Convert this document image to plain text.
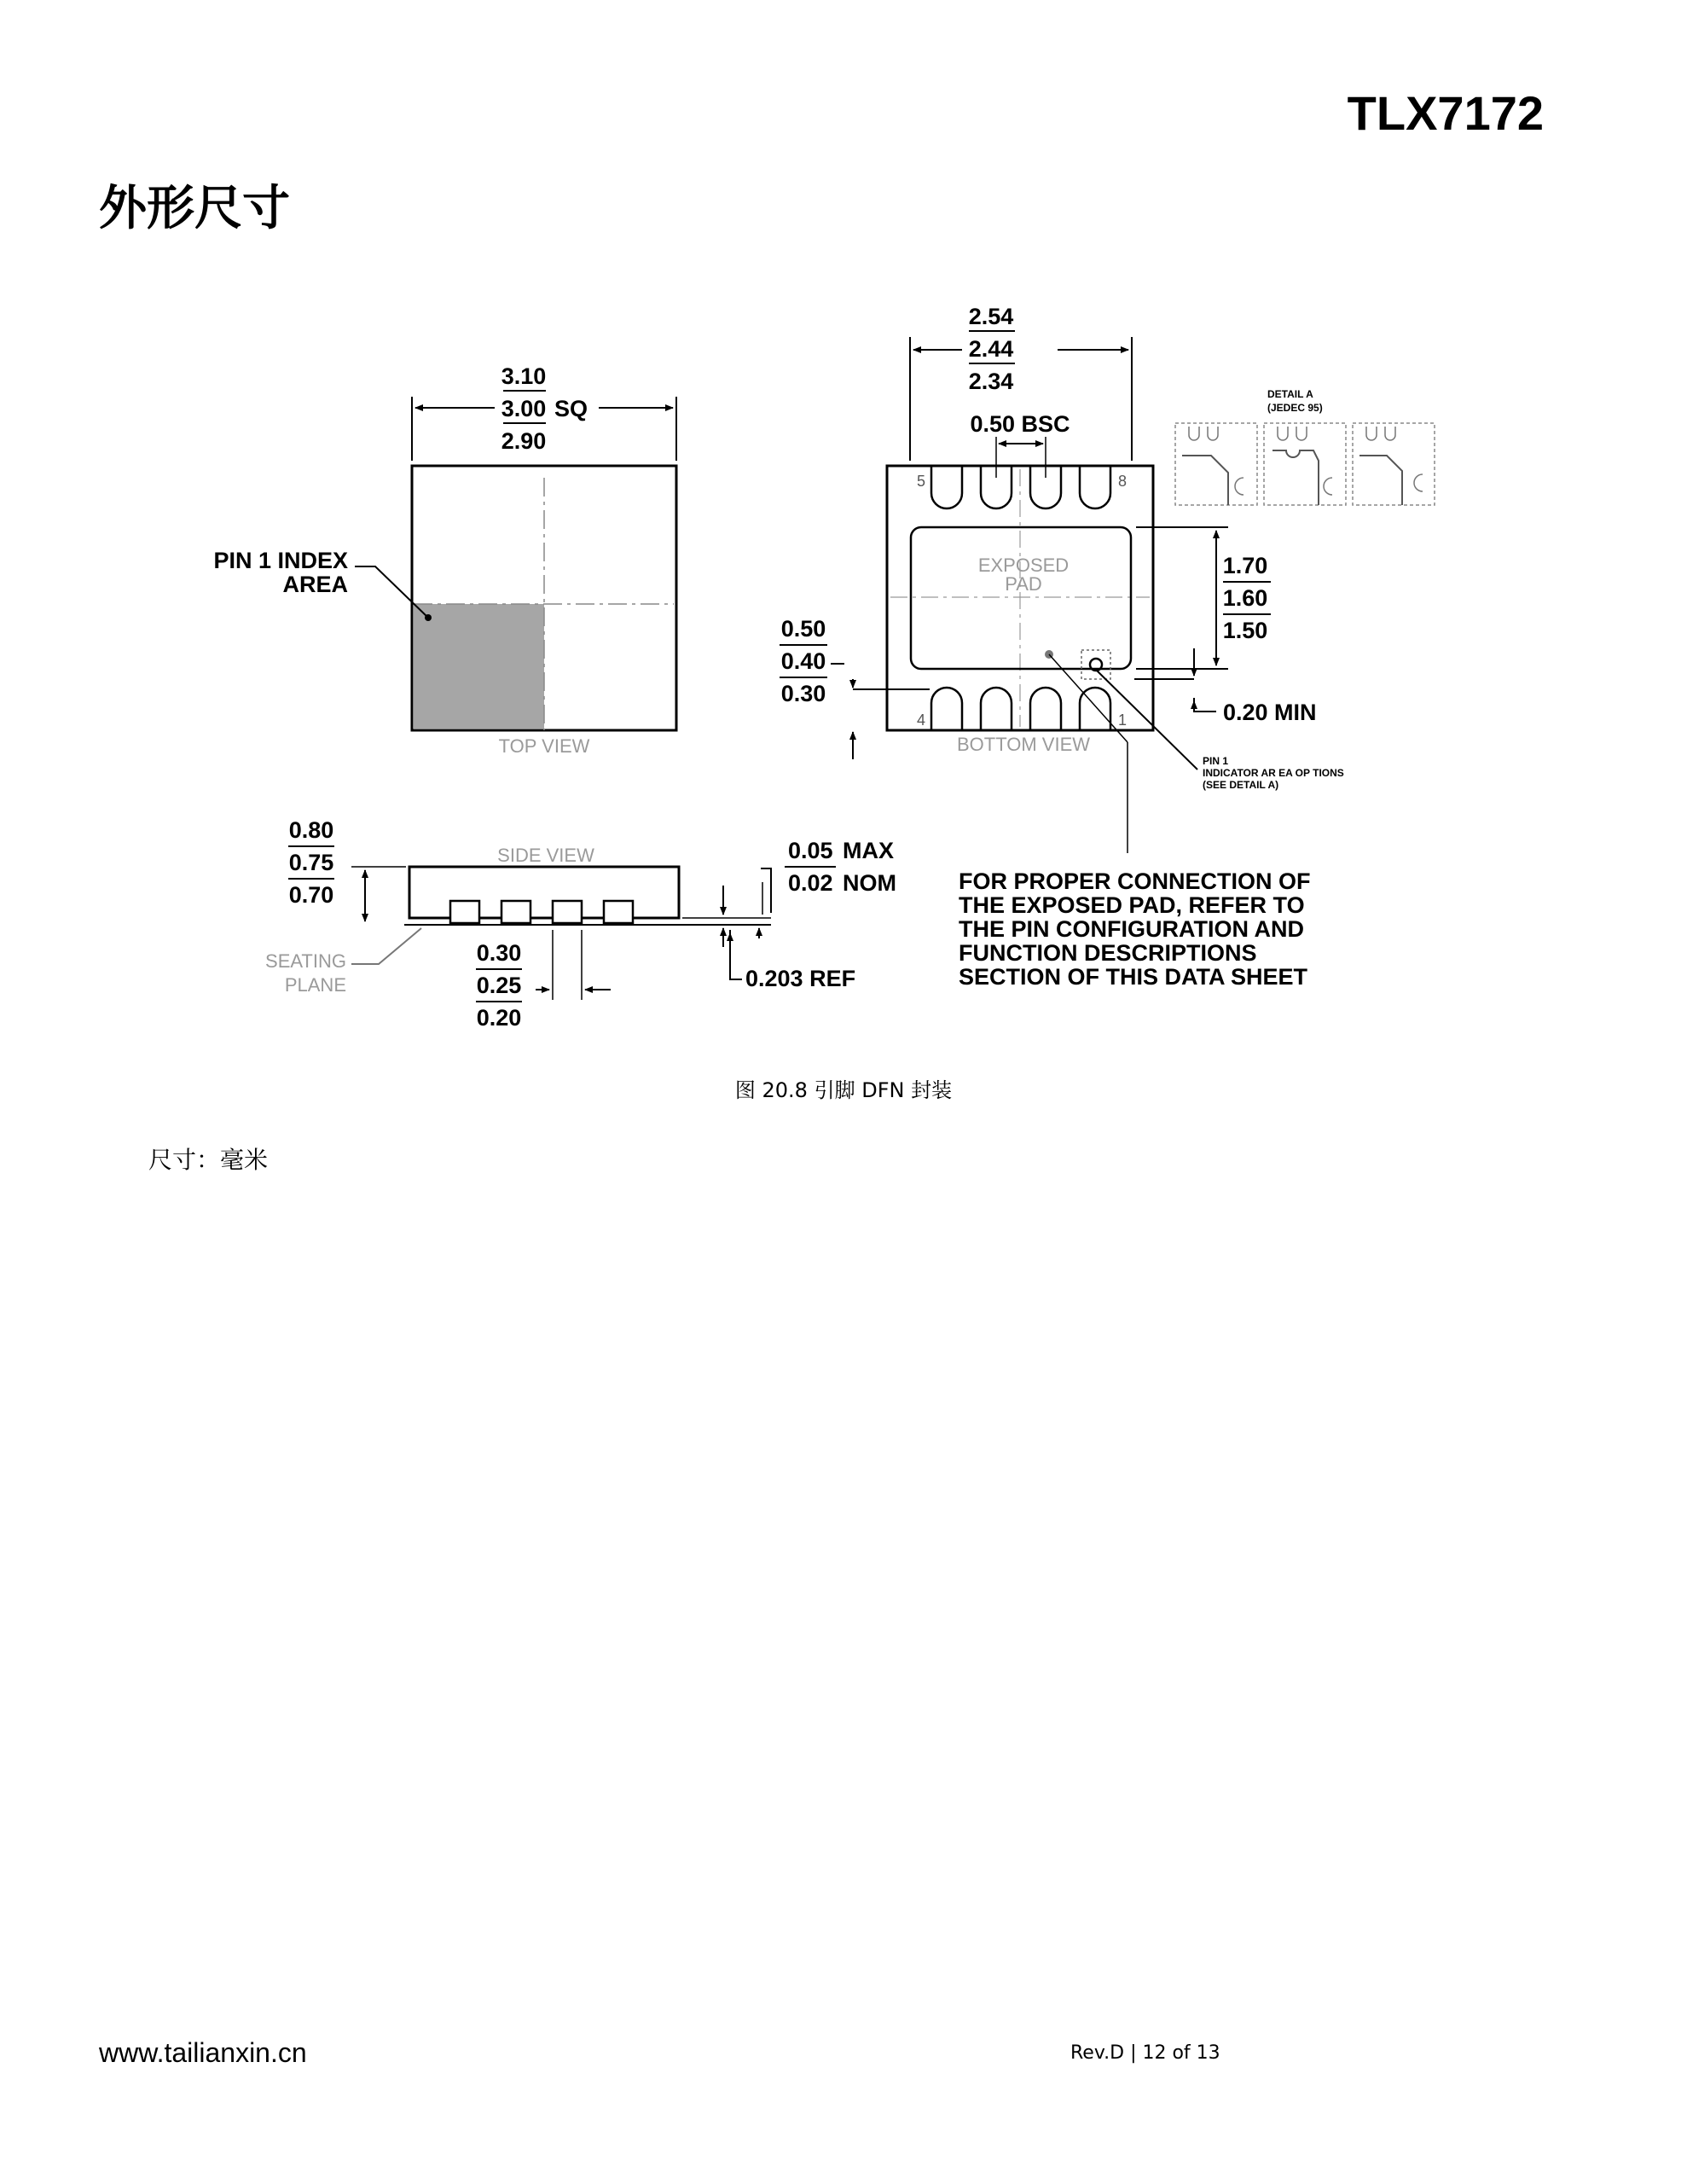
TLX7172
外形尺寸
3.10
3.00 SQ
2.90
PIN 1 INDEX
AREA
TOP VIEW
EXPOSED
PAD
5	8
4	1
2.54
2.44
2.34
0.50 BSC
1.70
1.60
1.50
0.20 MIN
0.50
0.40
0.30
BOTTOM VIEW
PIN 1
INDICATOR AR EA OP TIONS
(SEE DETAIL A)
DETAIL A
(JEDEC 95)
SIDE VIEW
0.80
0.75
0.70
SEATING
PLANE
0.30
0.25
0.20
0.05 MAX
0.02 NOM
0.203 REF
FOR PROPER CONNECTION OF
THE EXPOSED PAD, REFER TO
THE PIN CONFIGURATION AND
FUNCTION DESCRIPTIONS
SECTION OF THIS DATA SHEET
图 20.8 引脚 DFN 封装
尺寸：毫米
www.tailianxin.cn	Rev.D | 12 of 13
